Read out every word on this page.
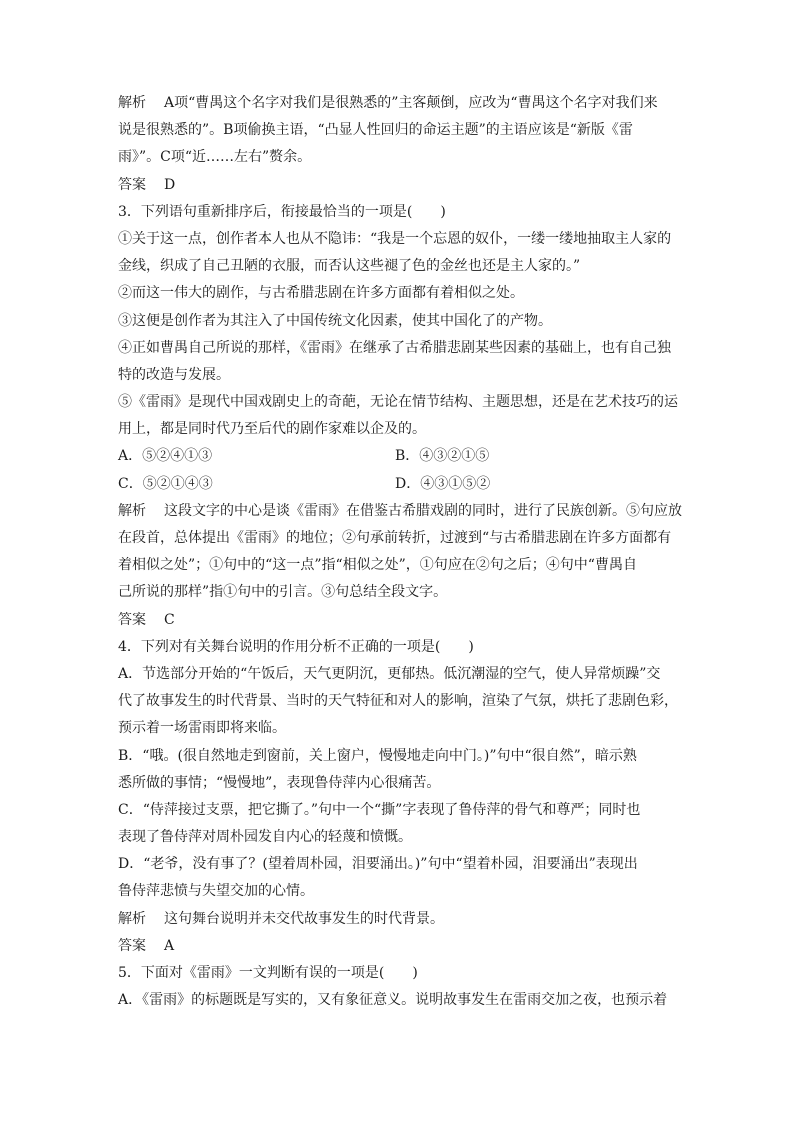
解析 A项“曹禺这个名字对我们是很熟悉的”主客颠倒，应改为“曹禺这个名字对我们来
说是很熟悉的”。B项偷换主语，“凸显人性回归的命运主题”的主语应该是“新版《雷
雨》”。C项“近……左右”赘余。
答案 D
3．下列语句重新排序后，衔接最恰当的一项是(　　)
①关于这一点，创作者本人也从不隐讳：“我是一个忘恩的奴仆，一缕一缕地抽取主人家的
金线，织成了自己丑陋的衣服，而否认这些褪了色的金丝也还是主人家的。”
②而这一伟大的剧作，与古希腊悲剧在许多方面都有着相似之处。
③这便是创作者为其注入了中国传统文化因素，使其中国化了的产物。
④正如曹禺自己所说的那样，《雷雨》在继承了古希腊悲剧某些因素的基础上，也有自己独
特的改造与发展。
⑤《雷雨》是现代中国戏剧史上的奇葩，无论在情节结构、主题思想，还是在艺术技巧的运
用上，都是同时代乃至后代的剧作家难以企及的。
A．⑤②④①③	B．④③②①⑤
C．⑤②①④③	D．④③①⑤②
解析 这段文字的中心是谈《雷雨》在借鉴古希腊戏剧的同时，进行了民族创新。⑤句应放
在段首，总体提出《雷雨》的地位；②句承前转折，过渡到“与古希腊悲剧在许多方面都有
着相似之处”；①句中的“这一点”指“相似之处”，①句应在②句之后；④句中“曹禺自
己所说的那样”指①句中的引言。③句总结全段文字。
答案 C
4．下列对有关舞台说明的作用分析不正确的一项是(　　)
A．节选部分开始的“午饭后，天气更阴沉，更郁热。低沉潮湿的空气，使人异常烦躁”交
代了故事发生的时代背景、当时的天气特征和对人的影响，渲染了气氛，烘托了悲剧色彩，
预示着一场雷雨即将来临。
B．“哦。(很自然地走到窗前，关上窗户，慢慢地走向中门。)”句中“很自然”，暗示熟
悉所做的事情；“慢慢地”，表现鲁侍萍内心很痛苦。
C．“侍萍接过支票，把它撕了。”句中一个“撕”字表现了鲁侍萍的骨气和尊严；同时也
表现了鲁侍萍对周朴园发自内心的轻蔑和愤慨。
D．“老爷，没有事了？(望着周朴园，泪要涌出。)”句中“望着朴园，泪要涌出”表现出
鲁侍萍悲愤与失望交加的心情。
解析 这句舞台说明并未交代故事发生的时代背景。
答案 A
5．下面对《雷雨》一文判断有误的一项是(　　)
A．《雷雨》的标题既是写实的，又有象征意义。说明故事发生在雷雨交加之夜，也预示着
